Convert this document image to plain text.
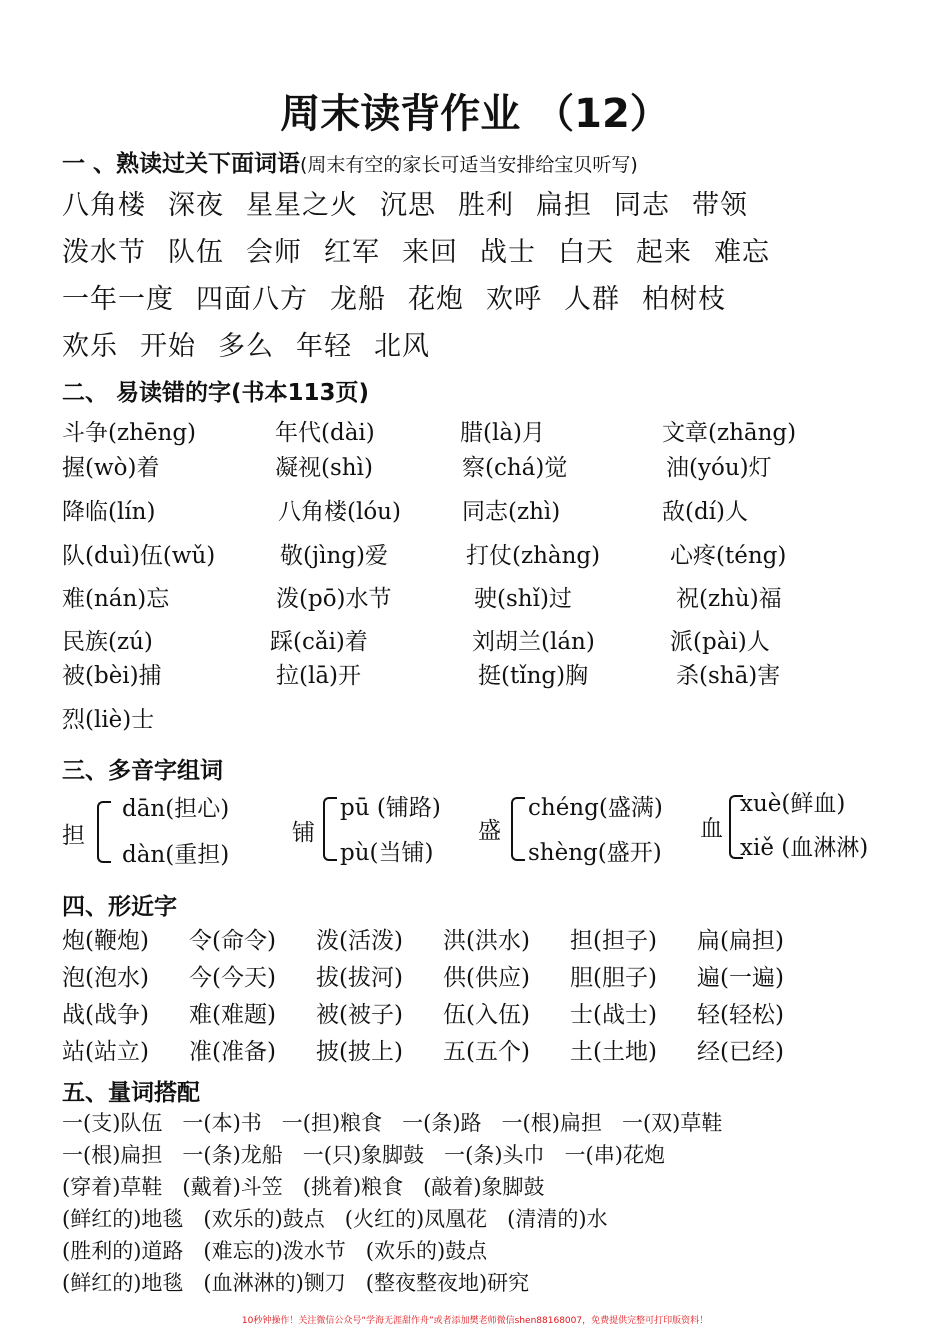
周末读背作业 （12）
一 、熟读过关下面词语(周末有空的家长可适当安排给宝贝听写)
八角楼 深夜 星星之火 沉思 胜利 扁担 同志 带领
泼水节 队伍 会师 红军 来回 战士 白天 起来 难忘
一年一度 四面八方 龙船 花炮 欢呼 人群 柏树枝
欢乐 开始 多么 年轻 北风
二、 易读错的字(书本113页)
斗争(zhēng)	年代(dài)	腊(là)月	文章(zhāng)
握(wò)着	凝视(shì)	察(chá)觉	油(yóu)灯
降临(lín)	八角楼(lóu)	同志(zhì)	敌(dí)人
队(duì)伍(wǔ)	敬(jìng)爱	打仗(zhàng)	心疼(téng)
难(nán)忘	泼(pō)水节	驶(shǐ)过	祝(zhù)福
民族(zú)	踩(cǎi)着	刘胡兰(lán)	派(pài)人
被(bèi)捕	拉(lā)开	挺(tǐng)胸	杀(shā)害
烈(liè)士
三、多音字组词
担
dān(担心)
dàn(重担)
铺
pū (铺路)
pù(当铺)
盛
chéng(盛满)
shèng(盛开)
血
xuè(鲜血)
xiě (血淋淋)
四、形近字
炮(鞭炮) 令(命令) 泼(活泼) 洪(洪水) 担(担子) 扁(扁担)
泡(泡水) 今(今天) 拔(拔河) 供(供应) 胆(胆子) 遍(一遍)
战(战争) 难(难题) 被(被子) 伍(入伍) 士(战士) 轻(轻松)
站(站立) 准(准备) 披(披上) 五(五个) 土(土地) 经(已经)
五、量词搭配
一(支)队伍 一(本)书 一(担)粮食 一(条)路 一(根)扁担 一(双)草鞋
一(根)扁担 一(条)龙船 一(只)象脚鼓 一(条)头巾 一(串)花炮
(穿着)草鞋 (戴着)斗笠 (挑着)粮食 (敲着)象脚鼓
(鲜红的)地毯 (欢乐的)鼓点 (火红的)凤凰花 (清清的)水
(胜利的)道路 (难忘的)泼水节 (欢乐的)鼓点
(鲜红的)地毯 (血淋淋的)铡刀 (整夜整夜地)研究
10秒钟操作！关注微信公众号“学海无涯甜作舟”或者添加樊老师微信shen88168007，免费提供完整可打印版资料！
